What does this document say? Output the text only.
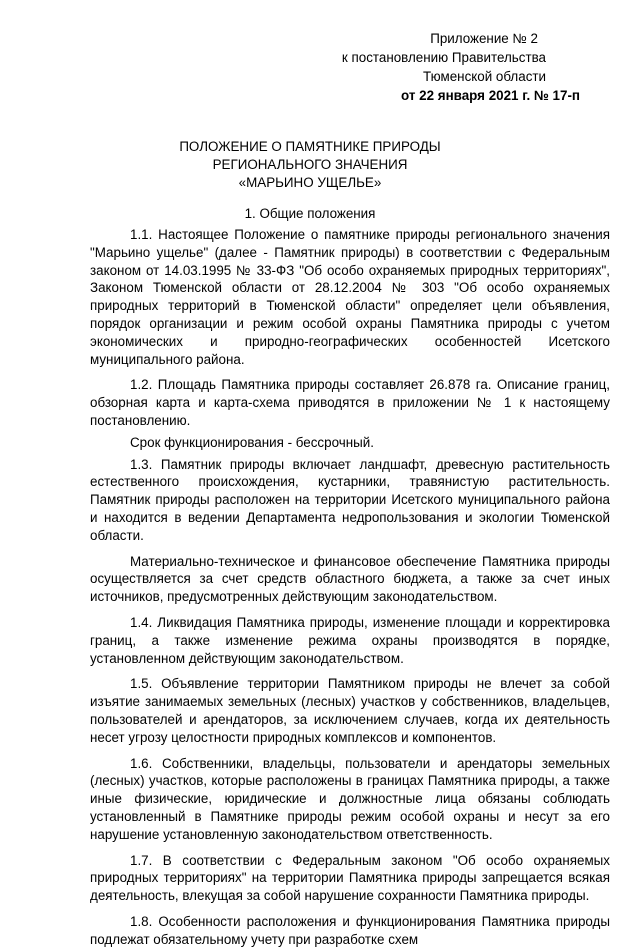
Приложение № 2
к постановлению Правительства
Тюменской области
от 22 января 2021 г. № 17-п
ПОЛОЖЕНИЕ О ПАМЯТНИКЕ ПРИРОДЫ
РЕГИОНАЛЬНОГО ЗНАЧЕНИЯ
«МАРЬИНО УЩЕЛЬЕ»
1. Общие положения

1.1. Настоящее Положение о памятнике природы регионального значения "Марьино ущелье" (далее - Памятник природы) в соответствии с Федеральным законом от 14.03.1995 № 33-ФЗ "Об особо охраняемых природных территориях", Законом Тюменской области от 28.12.2004 № 303 "Об особо охраняемых природных территорий в Тюменской области" определяет цели объявления, порядок организации и режим особой охраны Памятника природы с учетом экономических и природно-географических особенностей Исетского муниципального района.

1.2. Площадь Памятника природы составляет 26.878 га. Описание границ, обзорная карта и карта-схема приводятся в приложении № 1 к настоящему постановлению.

Срок функционирования - бессрочный.

1.3. Памятник природы включает ландшафт, древесную растительность естественного происхождения, кустарники, травянистую растительность. Памятник природы расположен на территории Исетского муниципального района и находится в ведении Департамента недропользования и экологии Тюменской области.

Материально-техническое и финансовое обеспечение Памятника природы осуществляется за счет средств областного бюджета, а также за счет иных источников, предусмотренных действующим законодательством.

1.4. Ликвидация Памятника природы, изменение площади и корректировка границ, а также изменение режима охраны производятся в порядке, установленном действующим законодательством.

1.5. Объявление территории Памятником природы не влечет за собой изъятие занимаемых земельных (лесных) участков у собственников, владельцев, пользователей и арендаторов, за исключением случаев, когда их деятельность несет угрозу целостности природных комплексов и компонентов.

1.6. Собственники, владельцы, пользователи и арендаторы земельных (лесных) участков, которые расположены в границах Памятника природы, а также иные физические, юридические и должностные лица обязаны соблюдать установленный в Памятнике природы режим особой охраны и несут за его нарушение установленную законодательством ответственность.

1.7. В соответствии с Федеральным законом "Об особо охраняемых природных территориях" на территории Памятника природы запрещается всякая деятельность, влекущая за собой нарушение сохранности Памятника природы.

1.8. Особенности расположения и функционирования Памятника природы подлежат обязательному учету при разработке схем
